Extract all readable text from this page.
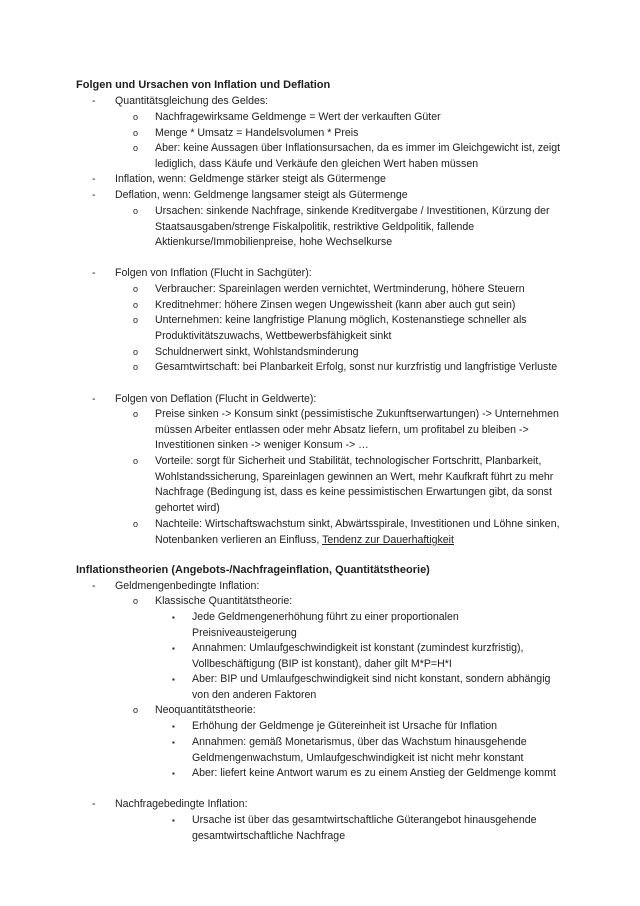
Folgen und Ursachen von Inflation und Deflation
-	Quantitätsgleichung des Geldes:
o	Nachfragewirksame Geldmenge = Wert der verkauften Güter
o	Menge * Umsatz = Handelsvolumen * Preis
o	Aber: keine Aussagen über Inflationsursachen, da es immer im Gleichgewicht ist, zeigt lediglich, dass Käufe und Verkäufe den gleichen Wert haben müssen
-	Inflation, wenn: Geldmenge stärker steigt als Gütermenge
-	Deflation, wenn: Geldmenge langsamer steigt als Gütermenge
o	Ursachen: sinkende Nachfrage, sinkende Kreditvergabe / Investitionen, Kürzung der Staatsausgaben/strenge Fiskalpolitik, restriktive Geldpolitik, fallende Aktienkurse/Immobilienpreise, hohe Wechselkurse
-	Folgen von Inflation (Flucht in Sachgüter):
o	Verbraucher: Spareinlagen werden vernichtet, Wertminderung, höhere Steuern
o	Kreditnehmer: höhere Zinsen wegen Ungewissheit (kann aber auch gut sein)
o	Unternehmen: keine langfristige Planung möglich, Kostenanstiege schneller als Produktivitätszuwachs, Wettbewerbsfähigkeit sinkt
o	Schuldnerwert sinkt, Wohlstandsminderung
o	Gesamtwirtschaft: bei Planbarkeit Erfolg, sonst nur kurzfristig und langfristige Verluste
-	Folgen von Deflation (Flucht in Geldwerte):
o	Preise sinken -> Konsum sinkt (pessimistische Zukunftserwartungen) -> Unternehmen müssen Arbeiter entlassen oder mehr Absatz liefern, um profitabel zu bleiben -> Investitionen sinken -> weniger Konsum -> …
o	Vorteile: sorgt für Sicherheit und Stabilität, technologischer Fortschritt, Planbarkeit, Wohlstandssicherung, Spareinlagen gewinnen an Wert, mehr Kaufkraft führt zu mehr Nachfrage (Bedingung ist, dass es keine pessimistischen Erwartungen gibt, da sonst gehortet wird)
o	Nachteile: Wirtschaftswachstum sinkt, Abwärtsspirale, Investitionen und Löhne sinken, Notenbanken verlieren an Einfluss, Tendenz zur Dauerhaftigkeit
Inflationstheorien (Angebots-/Nachfrageinflation, Quantitätstheorie)
-	Geldmengenbedingte Inflation:
o	Klassische Quantitätstheorie:
▪	Jede Geldmengenerhöhung führt zu einer proportionalen Preisniveausteigerung
▪	Annahmen: Umlaufgeschwindigkeit ist konstant (zumindest kurzfristig), Vollbeschäftigung (BIP ist konstant), daher gilt M*P=H*I
▪	Aber: BIP und Umlaufgeschwindigkeit sind nicht konstant, sondern abhängig von den anderen Faktoren
o	Neoquantitätstheorie:
▪	Erhöhung der Geldmenge je Gütereinheit ist Ursache für Inflation
▪	Annahmen: gemäß Monetarismus, über das Wachstum hinausgehende Geldmengenwachstum, Umlaufgeschwindigkeit ist nicht mehr konstant
▪	Aber: liefert keine Antwort warum es zu einem Anstieg der Geldmenge kommt
-	Nachfragebedingte Inflation:
▪	Ursache ist über das gesamtwirtschaftliche Güterangebot hinausgehende gesamtwirtschaftliche Nachfrage
